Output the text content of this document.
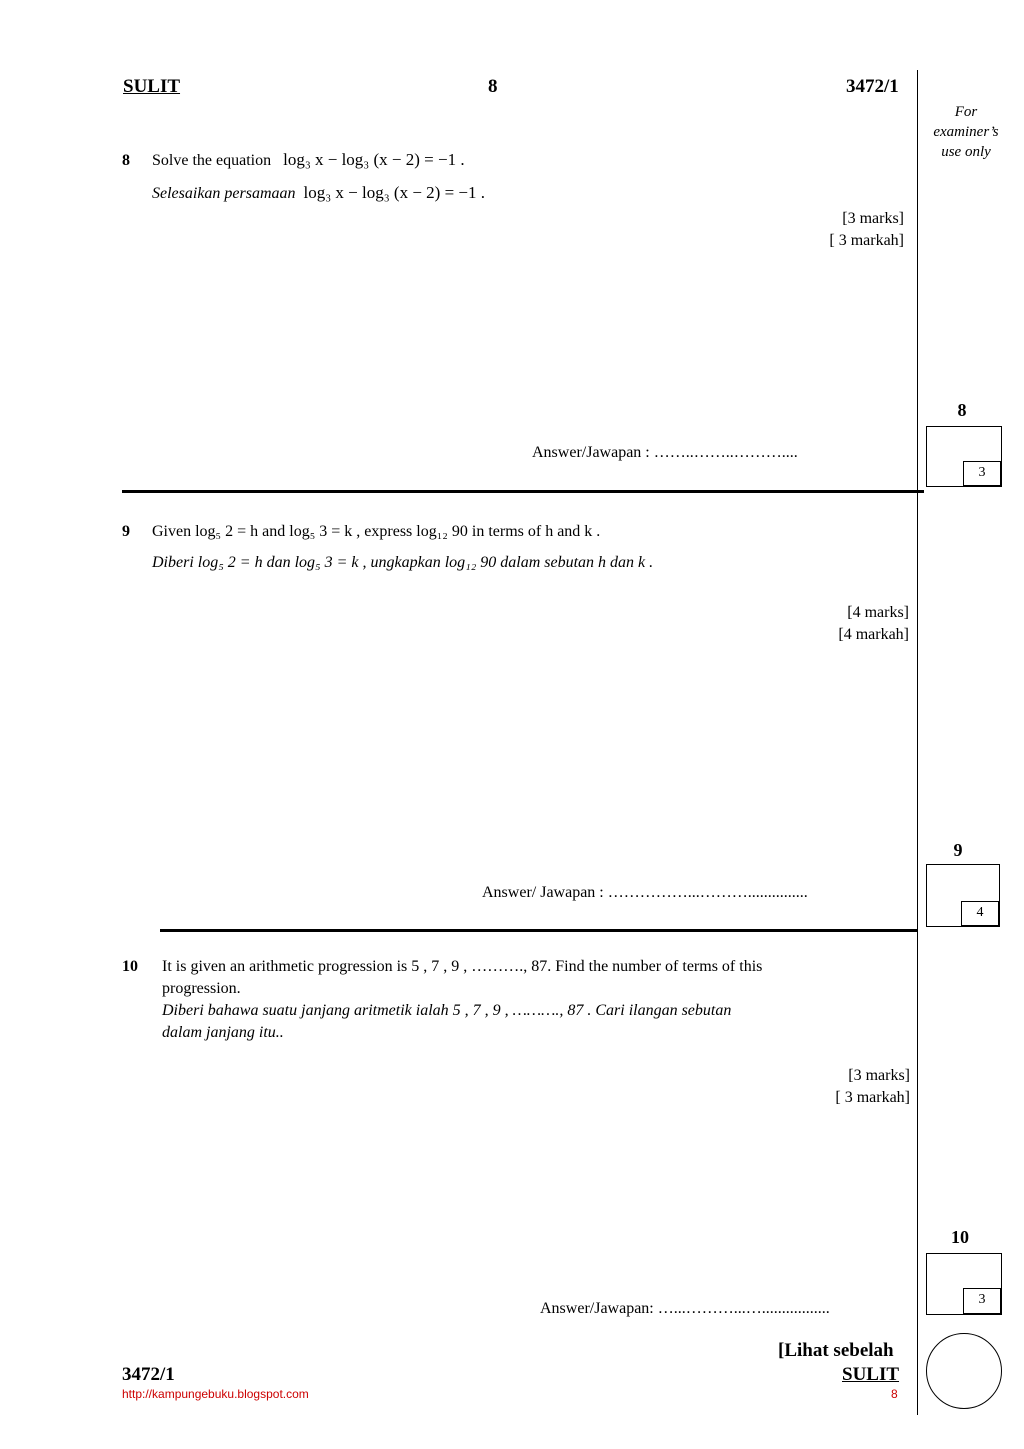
SULIT	8	3472/1
For
examiner’s
use only
8 Solve the equation log₃ x − log₃ (x − 2) = −1 .
Selesaikan persamaan log₃ x − log₃ (x − 2) = −1 .
[3 marks]
[ 3 markah]
Answer/Jawapan : ……..……..………....
8
3
9 Given log₅ 2 = h and log₅ 3 = k , express log₁₂ 90 in terms of h and k .
Diberi log₅ 2 = h dan log₅ 3 = k , ungkapkan log₁₂ 90 dalam sebutan h dan k .
[4 marks]
[4 markah]
Answer/ Jawapan : ……………...………...............
9
4
10 It is given an arithmetic progression is 5 , 7 , 9 , ………., 87. Find the number of terms of this
progression.
Diberi bahawa suatu janjang aritmetik ialah 5 , 7 , 9 , ………., 87 . Cari ilangan sebutan
dalam janjang itu..
[3 marks]
[ 3 markah]
Answer/Jawapan: …...………...….................
10
3
[Lihat sebelah
3472/1	SULIT
http://kampungebuku.blogspot.com	8
